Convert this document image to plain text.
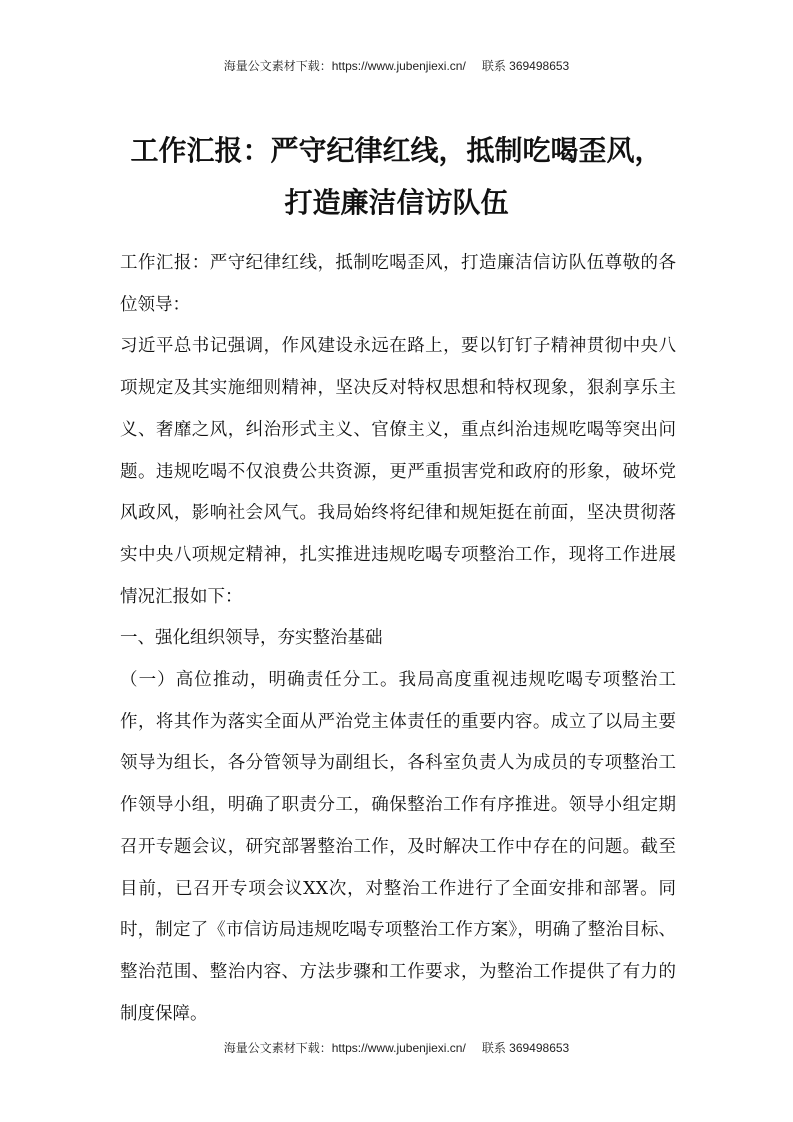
海量公文素材下载：https://www.jubenjiexi.cn/ 联系 369498653
工作汇报：严守纪律红线，抵制吃喝歪风，
打造廉洁信访队伍

工作汇报：严守纪律红线，抵制吃喝歪风，打造廉洁信访队伍尊敬的各位领导：

习近平总书记强调，作风建设永远在路上，要以钉钉子精神贯彻中央八项规定及其实施细则精神，坚决反对特权思想和特权现象，狠刹享乐主义、奢靡之风，纠治形式主义、官僚主义，重点纠治违规吃喝等突出问题。违规吃喝不仅浪费公共资源，更严重损害党和政府的形象，破坏党风政风，影响社会风气。我局始终将纪律和规矩挺在前面，坚决贯彻落实中央八项规定精神，扎实推进违规吃喝专项整治工作，现将工作进展情况汇报如下：

一、强化组织领导，夯实整治基础

（一）高位推动，明确责任分工。我局高度重视违规吃喝专项整治工作，将其作为落实全面从严治党主体责任的重要内容。成立了以局主要领导为组长，各分管领导为副组长，各科室负责人为成员的专项整治工作领导小组，明确了职责分工，确保整治工作有序推进。领导小组定期召开专题会议，研究部署整治工作，及时解决工作中存在的问题。截至目前，已召开专项会议XX次，对整治工作进行了全面安排和部署。同时，制定了《市信访局违规吃喝专项整治工作方案》，明确了整治目标、整治范围、整治内容、方法步骤和工作要求，为整治工作提供了有力的制度保障。

海量公文素材下载：https://www.jubenjiexi.cn/ 联系 369498653
